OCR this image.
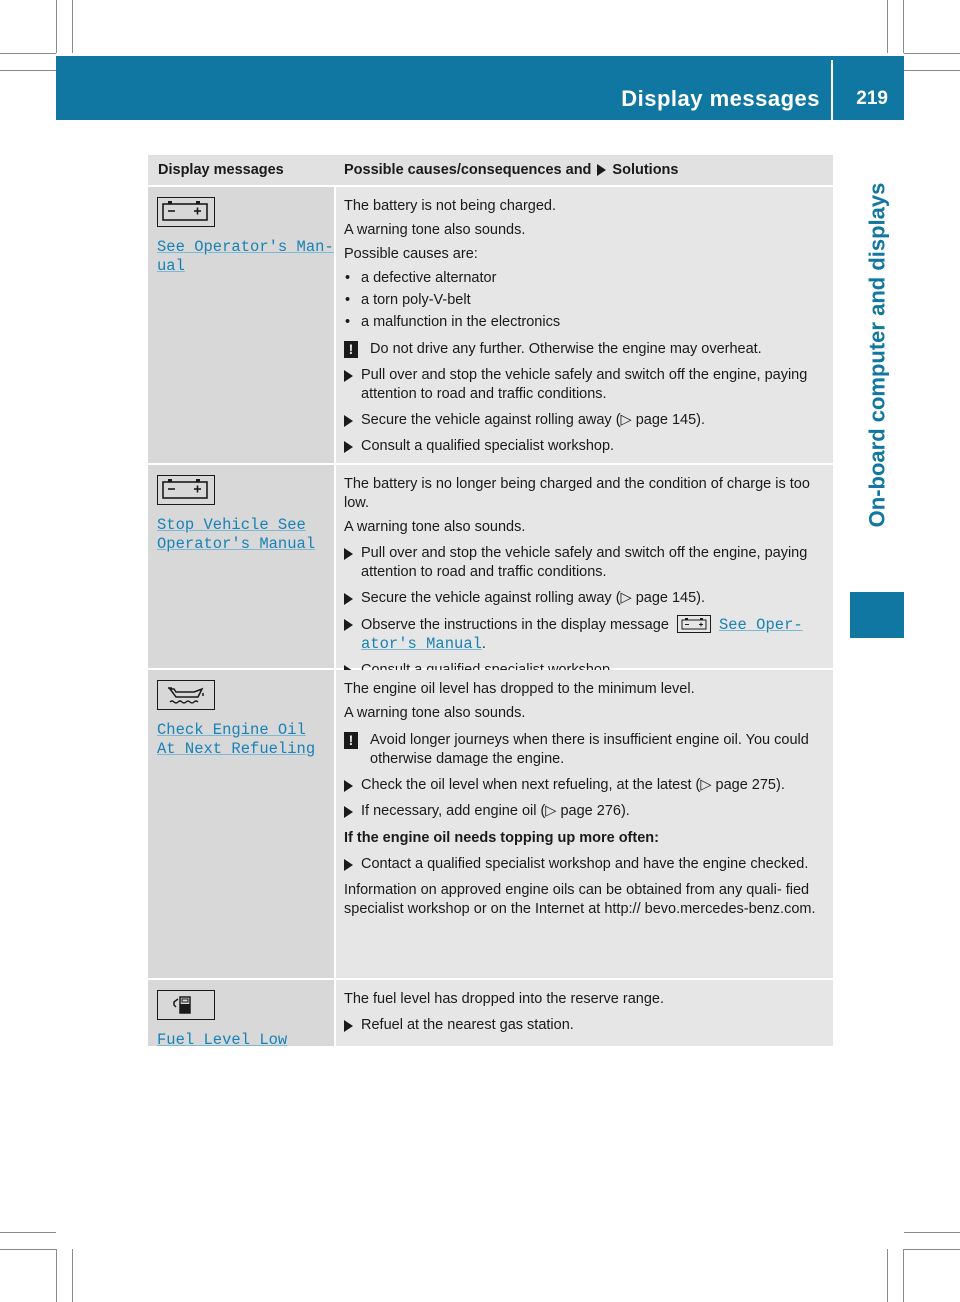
Display messages 219
On-board computer and displays
Display messages	Possible causes/consequences and Solutions
See Operator's Man‐
ual

The battery is not being charged.

A warning tone also sounds.

Possible causes are:

• a defective alternator
• a torn poly-V-belt
• a malfunction in the electronics
!	Do not drive any further. Otherwise the engine may overheat.
Pull over and stop the vehicle safely and switch off the engine, paying attention to road and traffic conditions.
Secure the vehicle against rolling away (▷ page 145).
Consult a qualified specialist workshop.
Stop Vehicle See
Operator's Manual

The battery is no longer being charged and the condition of charge is too low.

A warning tone also sounds.

Pull over and stop the vehicle safely and switch off the engine, paying attention to road and traffic conditions.
Secure the vehicle against rolling away (▷ page 145).
Observe the instructions in the display message	See Oper‐
ator's Manual.
Check Engine Oil
At Next Refueling

The engine oil level has dropped to the minimum level.

A warning tone also sounds.

!	Avoid longer journeys when there is insufficient engine oil. You could otherwise damage the engine.
Check the oil level when next refueling, at the latest (▷ page 275).
If necessary, add engine oil (▷ page 276).
If the engine oil needs topping up more often:
Contact a qualified specialist workshop and have the engine checked.

Information on approved engine oils can be obtained from any quali- fied specialist workshop or on the Internet at http:// bevo.mercedes-benz.com.

Fuel Level Low

The fuel level has dropped into the reserve range.

Refuel at the nearest gas station.
